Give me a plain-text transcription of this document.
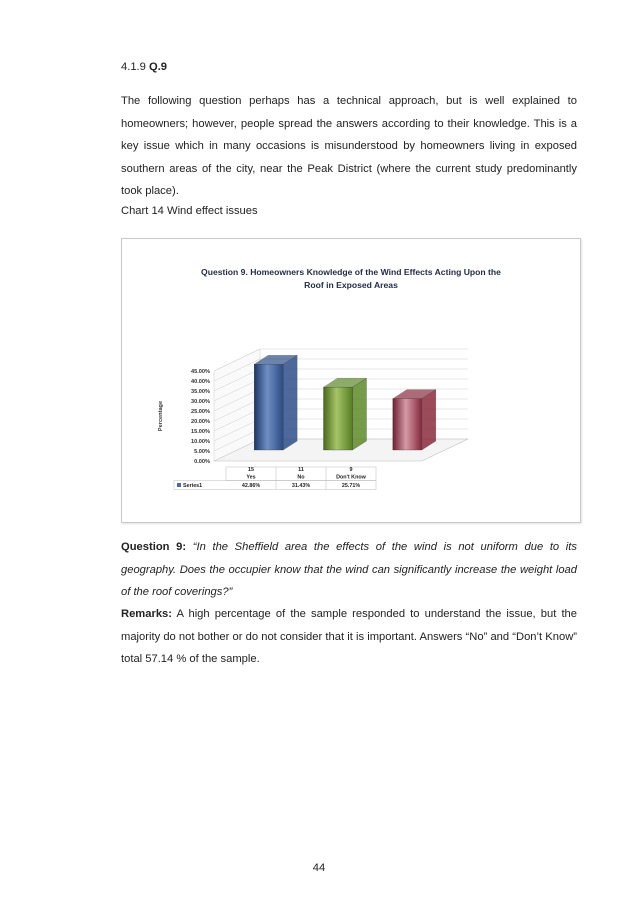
4.1.9 Q.9
The following question perhaps has a technical approach, but is well explained to homeowners; however, people spread the answers according to their knowledge. This is a key issue which in many occasions is misunderstood by homeowners living in exposed southern areas of the city, near the Peak District (where the current study predominantly took place).
Chart 14 Wind effect issues
Question 9. Homeowners Knowledge of the Wind Effects Acting Upon the
Roof in Exposed Areas
0.00%
5.00%
10.00%
15.00%
20.00%
25.00%
30.00%
35.00%
40.00%
45.00%
Percentage
15
Yes
42.86%
11
No
31.43%
9
Don't Know
25.71%
Series1
Question 9: “In the Sheffield area the effects of the wind is not uniform due to its geography. Does the occupier know that the wind can significantly increase the weight load of the roof coverings?”
Remarks: A high percentage of the sample responded to understand the issue, but the majority do not bother or do not consider that it is important. Answers “No” and “Don’t Know” total 57.14 % of the sample.
44
